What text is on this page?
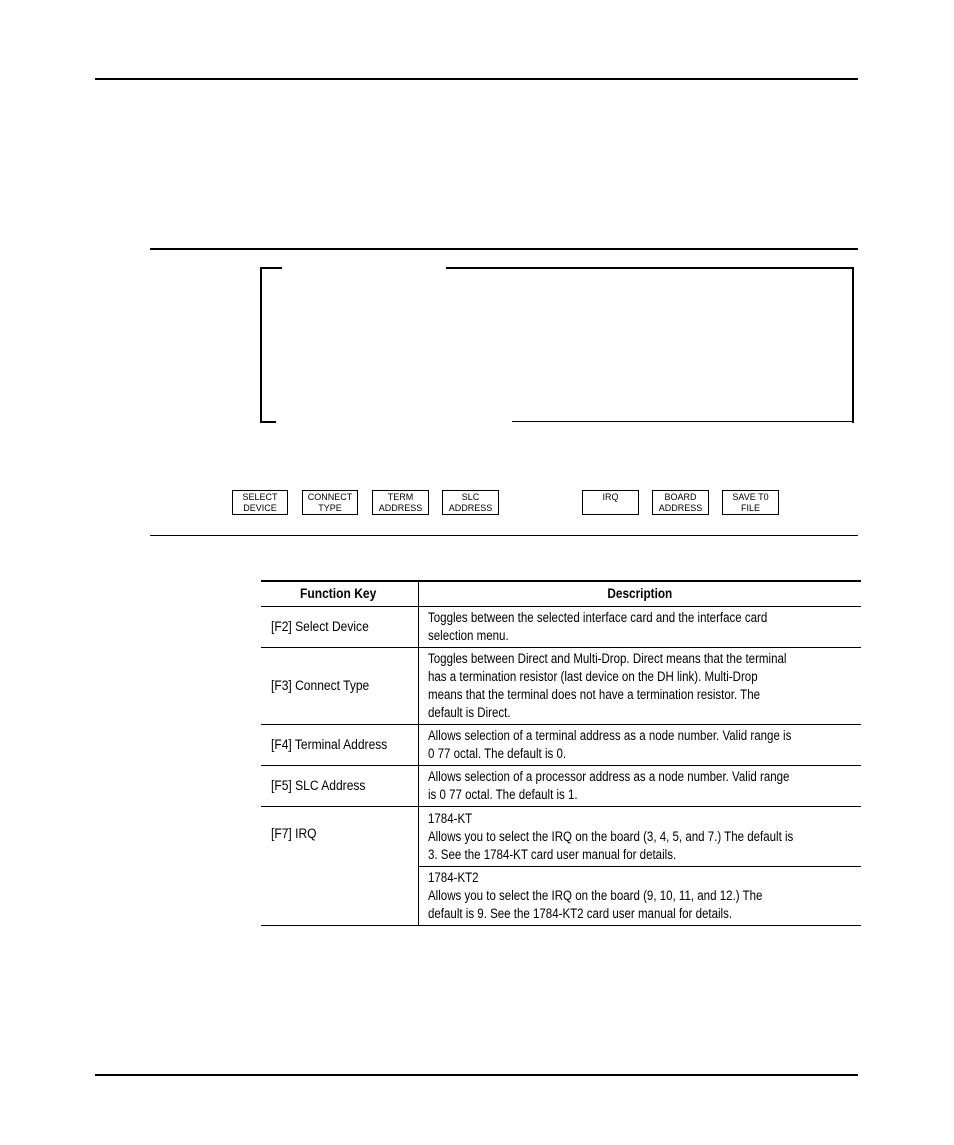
SELECT
DEVICE
CONNECT
TYPE
TERM
ADDRESS
SLC
ADDRESS
IRQ	BOARD
ADDRESS
SAVE T0
FILE
Function Key	Description

[F2] Select Device	Toggles between the selected interface card and the interface card
selection menu.

[F3] Connect Type	Toggles between Direct and Multi-Drop. Direct means that the terminal
has a termination resistor (last device on the DH link). Multi-Drop
means that the terminal does not have a termination resistor. The
default is Direct.

[F4] Terminal Address	Allows selection of a terminal address as a node number. Valid range is
0 77 octal. The default is 0.

[F5] SLC Address	Allows selection of a processor address as a node number. Valid range
is 0 77 octal. The default is 1.

[F7] IRQ	1784-KT
Allows you to select the IRQ on the board (3, 4, 5, and 7.) The default is
3. See the 1784-KT card user manual for details.

	1784-KT2
Allows you to select the IRQ on the board (9, 10, 11, and 12.) The
default is 9. See the 1784-KT2 card user manual for details.
